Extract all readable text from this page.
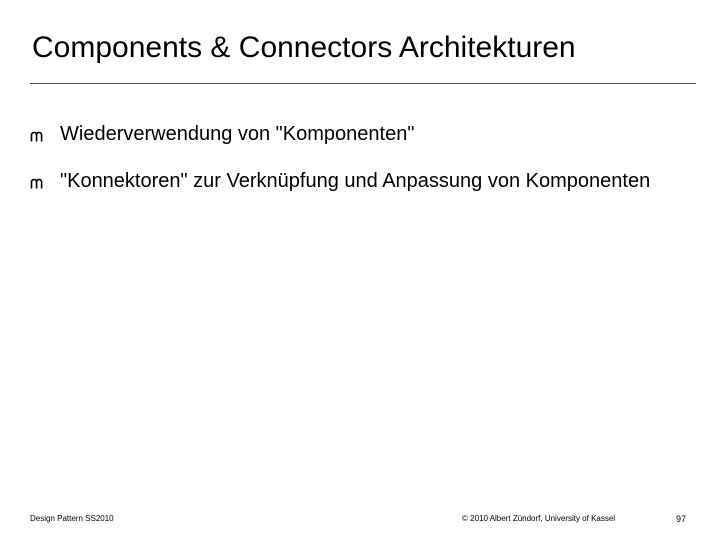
Components & Connectors Architekturen
Wiederverwendung von "Komponenten"
"Konnektoren" zur Verknüpfung und Anpassung von Komponenten
Design Pattern SS2010	© 2010 Albert Zündorf, University of Kassel	97
